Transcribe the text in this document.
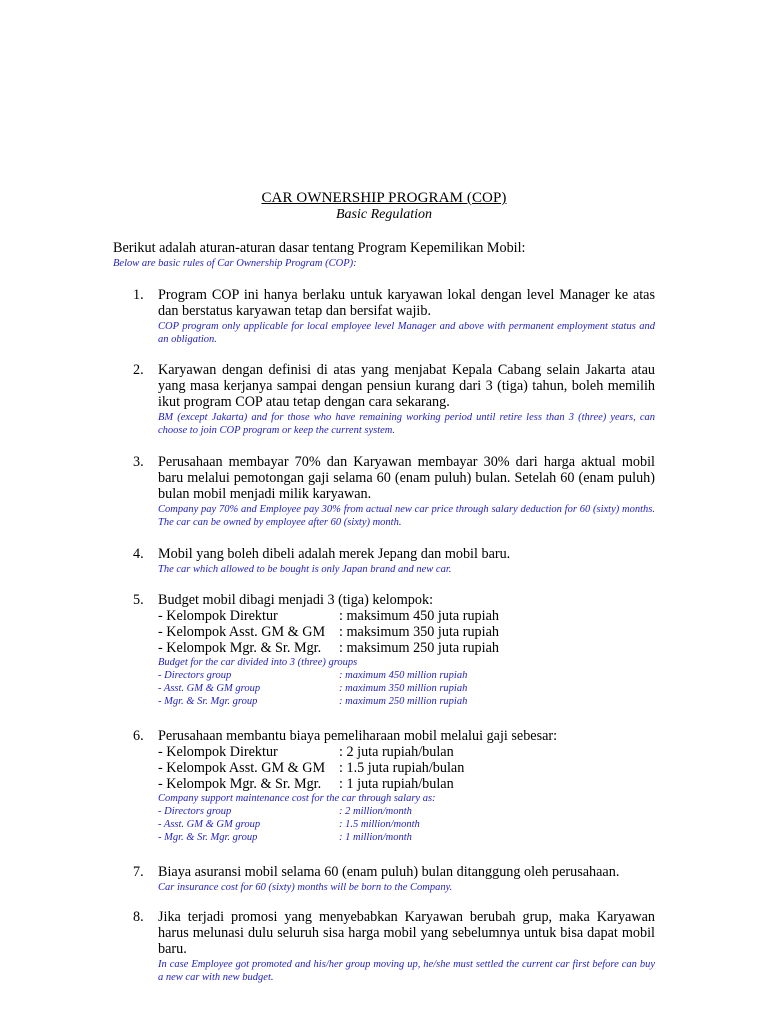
CAR OWNERSHIP PROGRAM (COP)
Basic Regulation
Berikut adalah aturan-aturan dasar tentang Program Kepemilikan Mobil:
Below are basic rules of Car Ownership Program (COP):
1. Program COP ini hanya berlaku untuk karyawan lokal dengan level Manager ke atas dan berstatus karyawan tetap dan bersifat wajib.

COP program only applicable for local employee level Manager and above with permanent employment status and an obligation.

2. Karyawan dengan definisi di atas yang menjabat Kepala Cabang selain Jakarta atau yang masa kerjanya sampai dengan pensiun kurang dari 3 (tiga) tahun, boleh memilih ikut program COP atau tetap dengan cara sekarang.

BM (except Jakarta) and for those who have remaining working period until retire less than 3 (three) years, can choose to join COP program or keep the current system.

3. Perusahaan membayar 70% dan Karyawan membayar 30% dari harga aktual mobil baru melalui pemotongan gaji selama 60 (enam puluh) bulan. Setelah 60 (enam puluh) bulan mobil menjadi milik karyawan.

Company pay 70% and Employee pay 30% from actual new car price through salary deduction for 60 (sixty) months. The car can be owned by employee after 60 (sixty) month.

4. Mobil yang boleh dibeli adalah merek Jepang dan mobil baru.

The car which allowed to be bought is only Japan brand and new car.

5. Budget mobil dibagi menjadi 3 (tiga) kelompok:

- Kelompok Direktur	: maksimum 450 juta rupiah
- Kelompok Asst. GM & GM : maksimum 350 juta rupiah
- Kelompok Mgr. & Sr. Mgr.	: maksimum 250 juta rupiah

Budget for the car divided into 3 (three) groups

- Directors group	: maximum 450 million rupiah
- Asst. GM & GM group	: maximum 350 million rupiah
- Mgr. & Sr. Mgr. group	: maximum 250 million rupiah
6. Perusahaan membantu biaya pemeliharaan mobil melalui gaji sebesar:

- Kelompok Direktur	: 2 juta rupiah/bulan
- Kelompok Asst. GM & GM : 1.5 juta rupiah/bulan
- Kelompok Mgr. & Sr. Mgr.	: 1 juta rupiah/bulan

Company support maintenance cost for the car through salary as:

- Directors group	: 2 million/month
- Asst. GM & GM group	: 1.5 million/month
- Mgr. & Sr. Mgr. group	: 1 million/month
7. Biaya asuransi mobil selama 60 (enam puluh) bulan ditanggung oleh perusahaan.

Car insurance cost for 60 (sixty) months will be born to the Company.

8. Jika terjadi promosi yang menyebabkan Karyawan berubah grup, maka Karyawan harus melunasi dulu seluruh sisa harga mobil yang sebelumnya untuk bisa dapat mobil baru.

In case Employee got promoted and his/her group moving up, he/she must settled the current car first before can buy a new car with new budget.
